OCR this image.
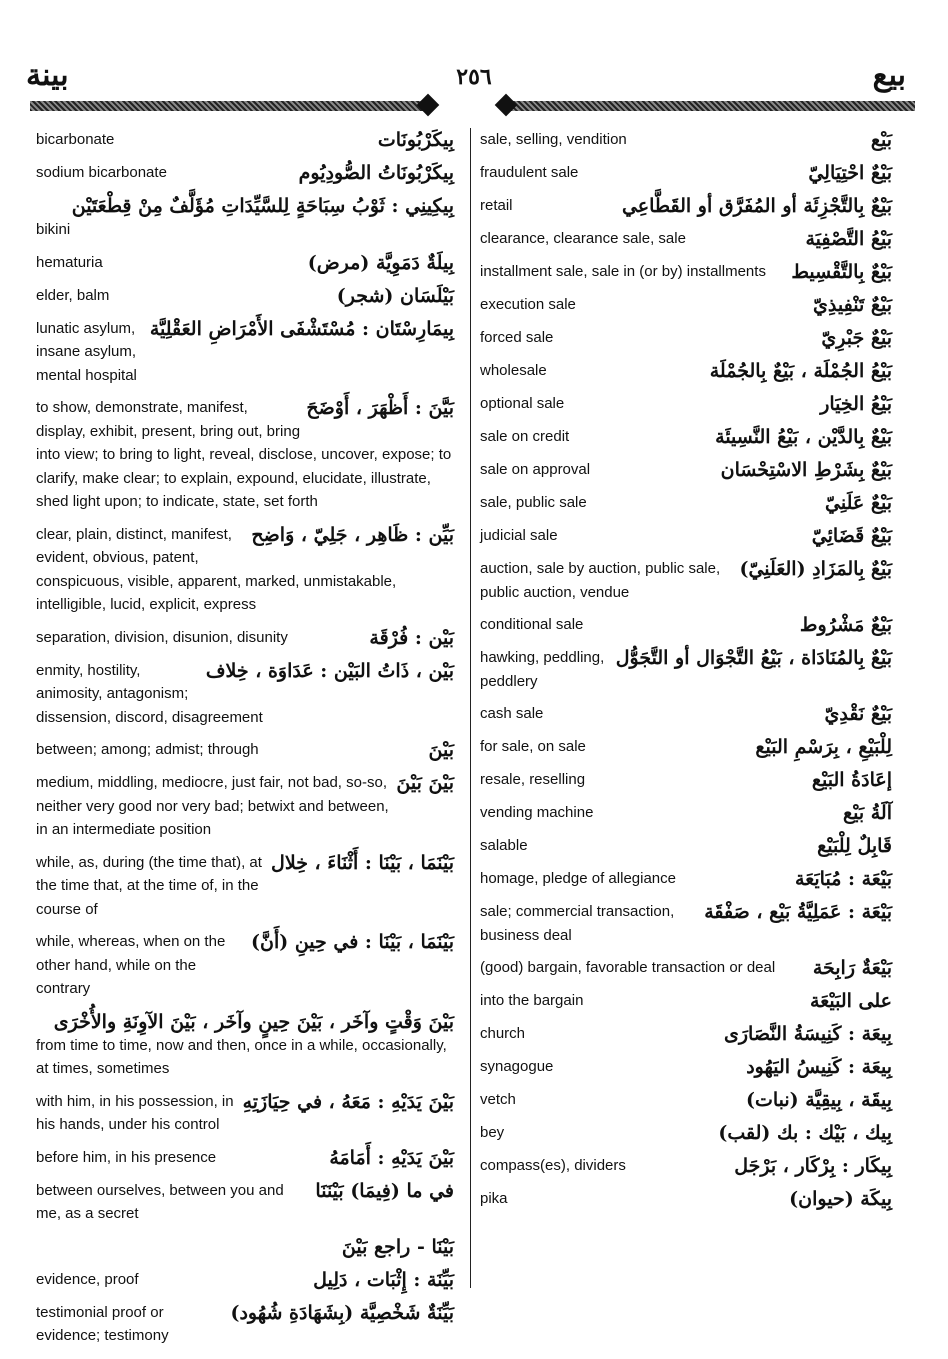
بيع
٢٥٦
بينة
بِيكَرْبُونَات
bicarbonate
بِيكَرْبُونَاتُ الصُّودِيُوم
sodium bicarbonate
بِيكِينِي : ثَوْبُ سِبَاحَةٍ لِلسَّيِّدَاتِ مُؤَلَّفٌ مِنْ قِطْعَتَيْن
bikini
بِيلَةٌ دَمَوِيَّة (مرض)
hematuria
بَيْلَسَان (شجر)
elder, balm
بِيمَارِسْتَان : مُسْتَشْفَى الأَمْرَاضِ العَقْلِيَّة
lunatic asylum, insane asylum, mental hospital
بَيَّنَ : أَظْهَرَ ، أَوْضَحَ
to show, demonstrate, manifest, display, exhibit, present, bring out, bring into view; to bring to light, reveal, disclose, uncover, expose; to clarify, make clear; to explain, expound, elucidate, illustrate, shed light upon; to indicate, state, set forth
بَيِّن : ظَاهِر ، جَلِيّ ، وَاضِح
clear, plain, distinct, manifest, evident, obvious, patent, conspicuous, visible, apparent, marked, unmistakable, intelligible, lucid, explicit, express
بَيْن : فُرْقَة
separation, division, disunion, disunity
بَيْن ، ذَاتُ البَيْن : عَدَاوَة ، خِلاف
enmity, hostility, animosity, antagonism; dissension, discord, disagreement
بَيْنَ
between; among; admist; through
بَيْنَ بَيْنَ
medium, middling, mediocre, just fair, not bad, so-so, neither very good nor very bad; betwixt and between, in an intermediate position
بَيْنَمَا ، بَيْنَا : أَثْنَاءَ ، خِلال
while, as, during (the time that), at the time that, at the time of, in the course of
بَيْنَمَا ، بَيْنَا : في حِينِ (أَنَّ)
while, whereas, when on the other hand, while on the contrary
بَيْنَ وَقْتٍ وآخَر ، بَيْنَ حِينٍ وآخَر ، بَيْنَ الآوِنَةِ والأُخْرَى
from time to time, now and then, once in a while, occasionally, at times, sometimes
بَيْنَ يَدَيْهِ : مَعَهُ ، في حِيَازَتِهِ
with him, in his possession, in his hands, under his control
بَيْنَ يَدَيْهِ : أَمَامَهُ
before him, in his presence
في ما (فِيمَا) بَيْنَنَا
between ourselves, between you and me, as a secret
بَيْنَا - راجع بَيْنَ
بَيِّنَة : إِثْبَات ، دَلِيل
evidence, proof
بَيِّنَةٌ شَخْصِيَّة (بِشَهَادَةِ شُهُود)
testimonial proof or evidence; testimony
بَيْع
sale, selling, vendition
بَيْعٌ احْتِيَالِيّ
fraudulent sale
بَيْعٌ بِالتَّجْزِئَة أو المُفَرَّق أو القَطَّاعِي
retail
بَيْعُ التَّصْفِيَة
clearance, clearance sale, sale
بَيْعٌ بِالتَّقْسِيط
installment sale, sale in (or by) installments
بَيْعٌ تَنْفِيذِيّ
execution sale
بَيْعٌ جَبْرِيّ
forced sale
بَيْعُ الجُمْلَة ، بَيْعٌ بِالجُمْلَة
wholesale
بَيْعُ الخِيَار
optional sale
بَيْعٌ بِالدَّيْن ، بَيْعُ النَّسِيئَة
sale on credit
بَيْعٌ بِشَرْطِ الاسْتِحْسَان
sale on approval
بَيْعٌ عَلَنِيّ
sale, public sale
بَيْعٌ قَضَائِيّ
judicial sale
بَيْعٌ بِالمَزَادِ (العَلَنِيّ)
auction, sale by auction, public sale, public auction, vendue
بَيْعٌ مَشْرُوط
conditional sale
بَيْعٌ بِالمُنَادَاة ، بَيْعُ التَّجْوَال أو التَّجَوُّل
hawking, peddling, peddlery
بَيْعٌ نَقْدِيّ
cash sale
لِلْبَيْعِ ، بِرَسْمِ البَيْع
for sale, on sale
إعَادَةُ البَيْع
resale, reselling
آلَةُ بَيْع
vending machine
قَابِلٌ لِلْبَيْع
salable
بَيْعَة : مُبَايَعَة
homage, pledge of allegiance
بَيْعَة : عَمَلِيَّةُ بَيْع ، صَفْقَة
sale; commercial transaction, business deal
بَيْعَةٌ رَابِحَة
(good) bargain, favorable transaction or deal
على البَيْعَة
into the bargain
بِيعَة : كَنِيسَةُ النَّصَارَى
church
بِيعَة : كَنِيسُ اليَهُود
synagogue
بِيقَة ، بِيقِيَّة (نبات)
vetch
بِيك ، بَيْك : بك (لقب)
bey
بِيكَار : بِرْكَار ، بَرْجَل
compass(es), dividers
بِيكَة (حيوان)
pika
